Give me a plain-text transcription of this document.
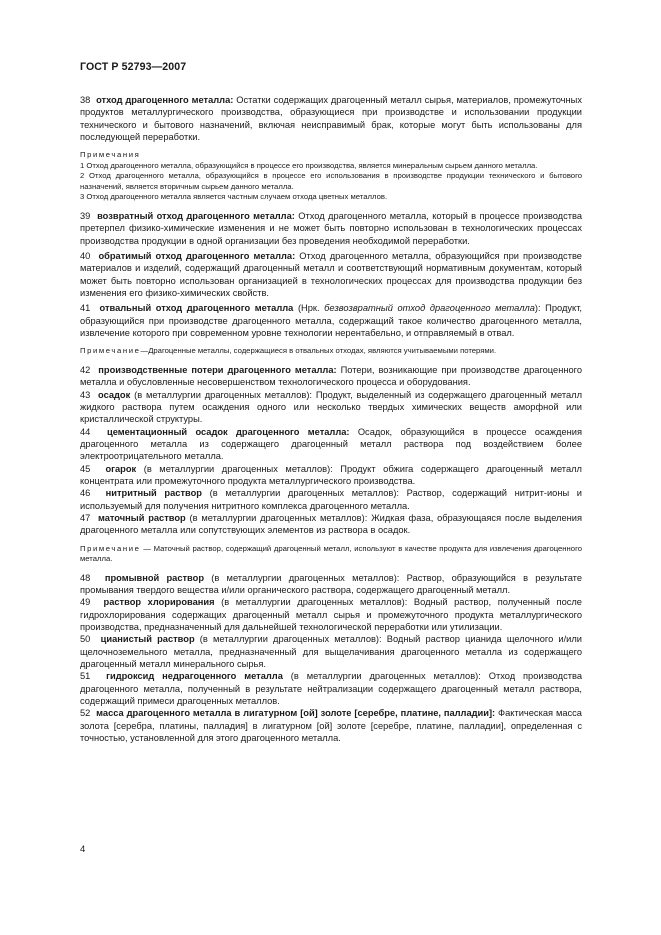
ГОСТ Р 52793—2007

38 отход драгоценного металла: Остатки содержащих драгоценный металл сырья, материалов, промежуточных продуктов металлургического производства, образующиеся при производстве и использовании продукции технического и бытового назначений, включая неисправимый брак, которые могут быть использованы для последующей переработки.

Примечания

1 Отход драгоценного металла, образующийся в процессе его производства, является минеральным сырьем данного металла.

2 Отход драгоценного металла, образующийся в процессе его использования в производстве продукции технического и бытового назначений, является вторичным сырьем данного металла.

3 Отход драгоценного металла является частным случаем отхода цветных металлов.

39 возвратный отход драгоценного металла: Отход драгоценного металла, который в процессе производства претерпел физико-химические изменения и не может быть повторно использован в технологических процессах производства продукции в одной организации без проведения необходимой переработки.

40 обратимый отход драгоценного металла: Отход драгоценного металла, образующийся при производстве материалов и изделий, содержащий драгоценный металл и соответствующий нормативным документам, который может быть повторно использован организацией в технологических процессах для производства продукции без изменения его физико-химических свойств.

41 отвальный отход драгоценного металла (Нрк. безвозвратный отход драгоценного металла): Продукт, образующийся при производстве драгоценного металла, содержащий такое количество драгоценного металла, извлечение которого при современном уровне технологии нерентабельно, и отправляемый в отвал.

Примечание—Драгоценные металлы, содержащиеся в отвальных отходах, являются учитываемыми потерями.

42 производственные потери драгоценного металла: Потери, возникающие при производстве драгоценного металла и обусловленные несовершенством технологического процесса и оборудования.

43 осадок (в металлургии драгоценных металлов): Продукт, выделенный из содержащего драгоценный металл жидкого раствора путем осаждения одного или несколько твердых химических веществ аморфной или кристаллической структуры.

44 цементационный осадок драгоценного металла: Осадок, образующийся в процессе осаждения драгоценного металла из содержащего драгоценный металл раствора под воздействием более электроотрицательного металла.

45 огарок (в металлургии драгоценных металлов): Продукт обжига содержащего драгоценный металл концентрата или промежуточного продукта металлургического производства.

46 нитритный раствор (в металлургии драгоценных металлов): Раствор, содержащий нитрит-ионы и используемый для получения нитритного комплекса драгоценного металла.

47 маточный раствор (в металлургии драгоценных металлов): Жидкая фаза, образующаяся после выделения драгоценного металла или сопутствующих элементов из раствора в осадок.

Примечание — Маточный раствор, содержащий драгоценный металл, используют в качестве продукта для извлечения драгоценного металла.

48 промывной раствор (в металлургии драгоценных металлов): Раствор, образующийся в результате промывания твердого вещества и/или органического раствора, содержащего драгоценный металл.

49 раствор хлорирования (в металлургии драгоценных металлов): Водный раствор, полученный после гидрохлорирования содержащих драгоценный металл сырья и промежуточного продукта металлургического производства, предназначенный для дальнейшей технологической переработки или утилизации.

50 цианистый раствор (в металлургии драгоценных металлов): Водный раствор цианида щелочного и/или щелочноземельного металла, предназначенный для выщелачивания драгоценного металла из содержащего драгоценный металл минерального сырья.

51 гидроксид недрагоценного металла (в металлургии драгоценных металлов): Отход производства драгоценного металла, полученный в результате нейтрализации содержащего драгоценный металл раствора, содержащий примеси драгоценных металлов.

52 масса драгоценного металла в лигатурном [ой] золоте [серебре, платине, палладии]: Фактическая масса золота [серебра, платины, палладия] в лигатурном [ой] золоте [серебре, платине, палладии], определенная с точностью, установленной для этого драгоценного металла.

4
